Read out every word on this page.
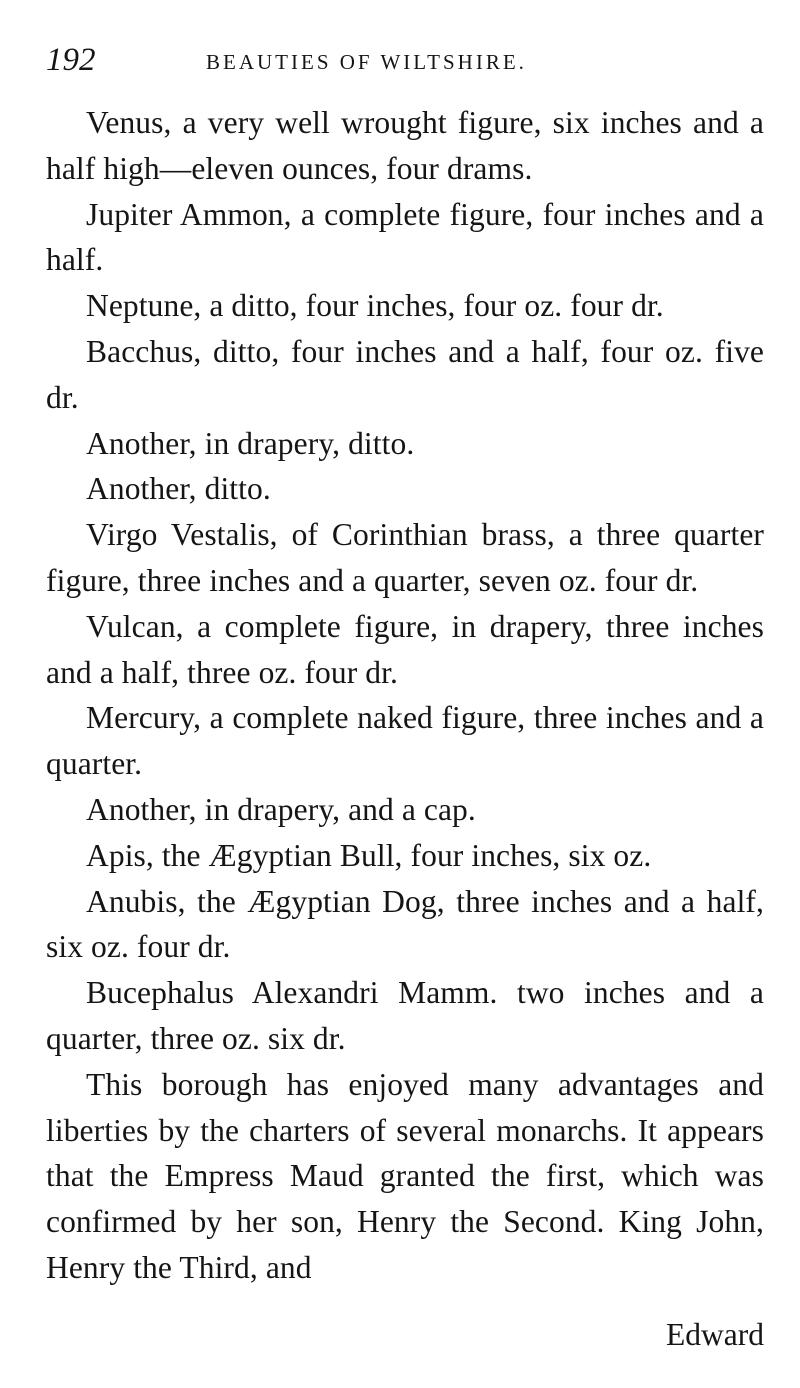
192	BEAUTIES OF WILTSHIRE.

Venus, a very well wrought figure, six inches and a half high—eleven ounces, four drams.

Jupiter Ammon, a complete figure, four inches and a half.

Neptune, a ditto, four inches, four oz. four dr.

Bacchus, ditto, four inches and a half, four oz. five dr.

Another, in drapery, ditto.

Another, ditto.

Virgo Vestalis, of Corinthian brass, a three quarter figure, three inches and a quarter, seven oz. four dr.

Vulcan, a complete figure, in drapery, three inches and a half, three oz. four dr.

Mercury, a complete naked figure, three inches and a quarter.

Another, in drapery, and a cap.

Apis, the Ægyptian Bull, four inches, six oz.

Anubis, the Ægyptian Dog, three inches and a half, six oz. four dr.

Bucephalus Alexandri Mamm. two inches and a quarter, three oz. six dr.

This borough has enjoyed many advantages and liberties by the charters of several monarchs. It appears that the Empress Maud granted the first, which was confirmed by her son, Henry the Second. King John, Henry the Third, and

Edward
